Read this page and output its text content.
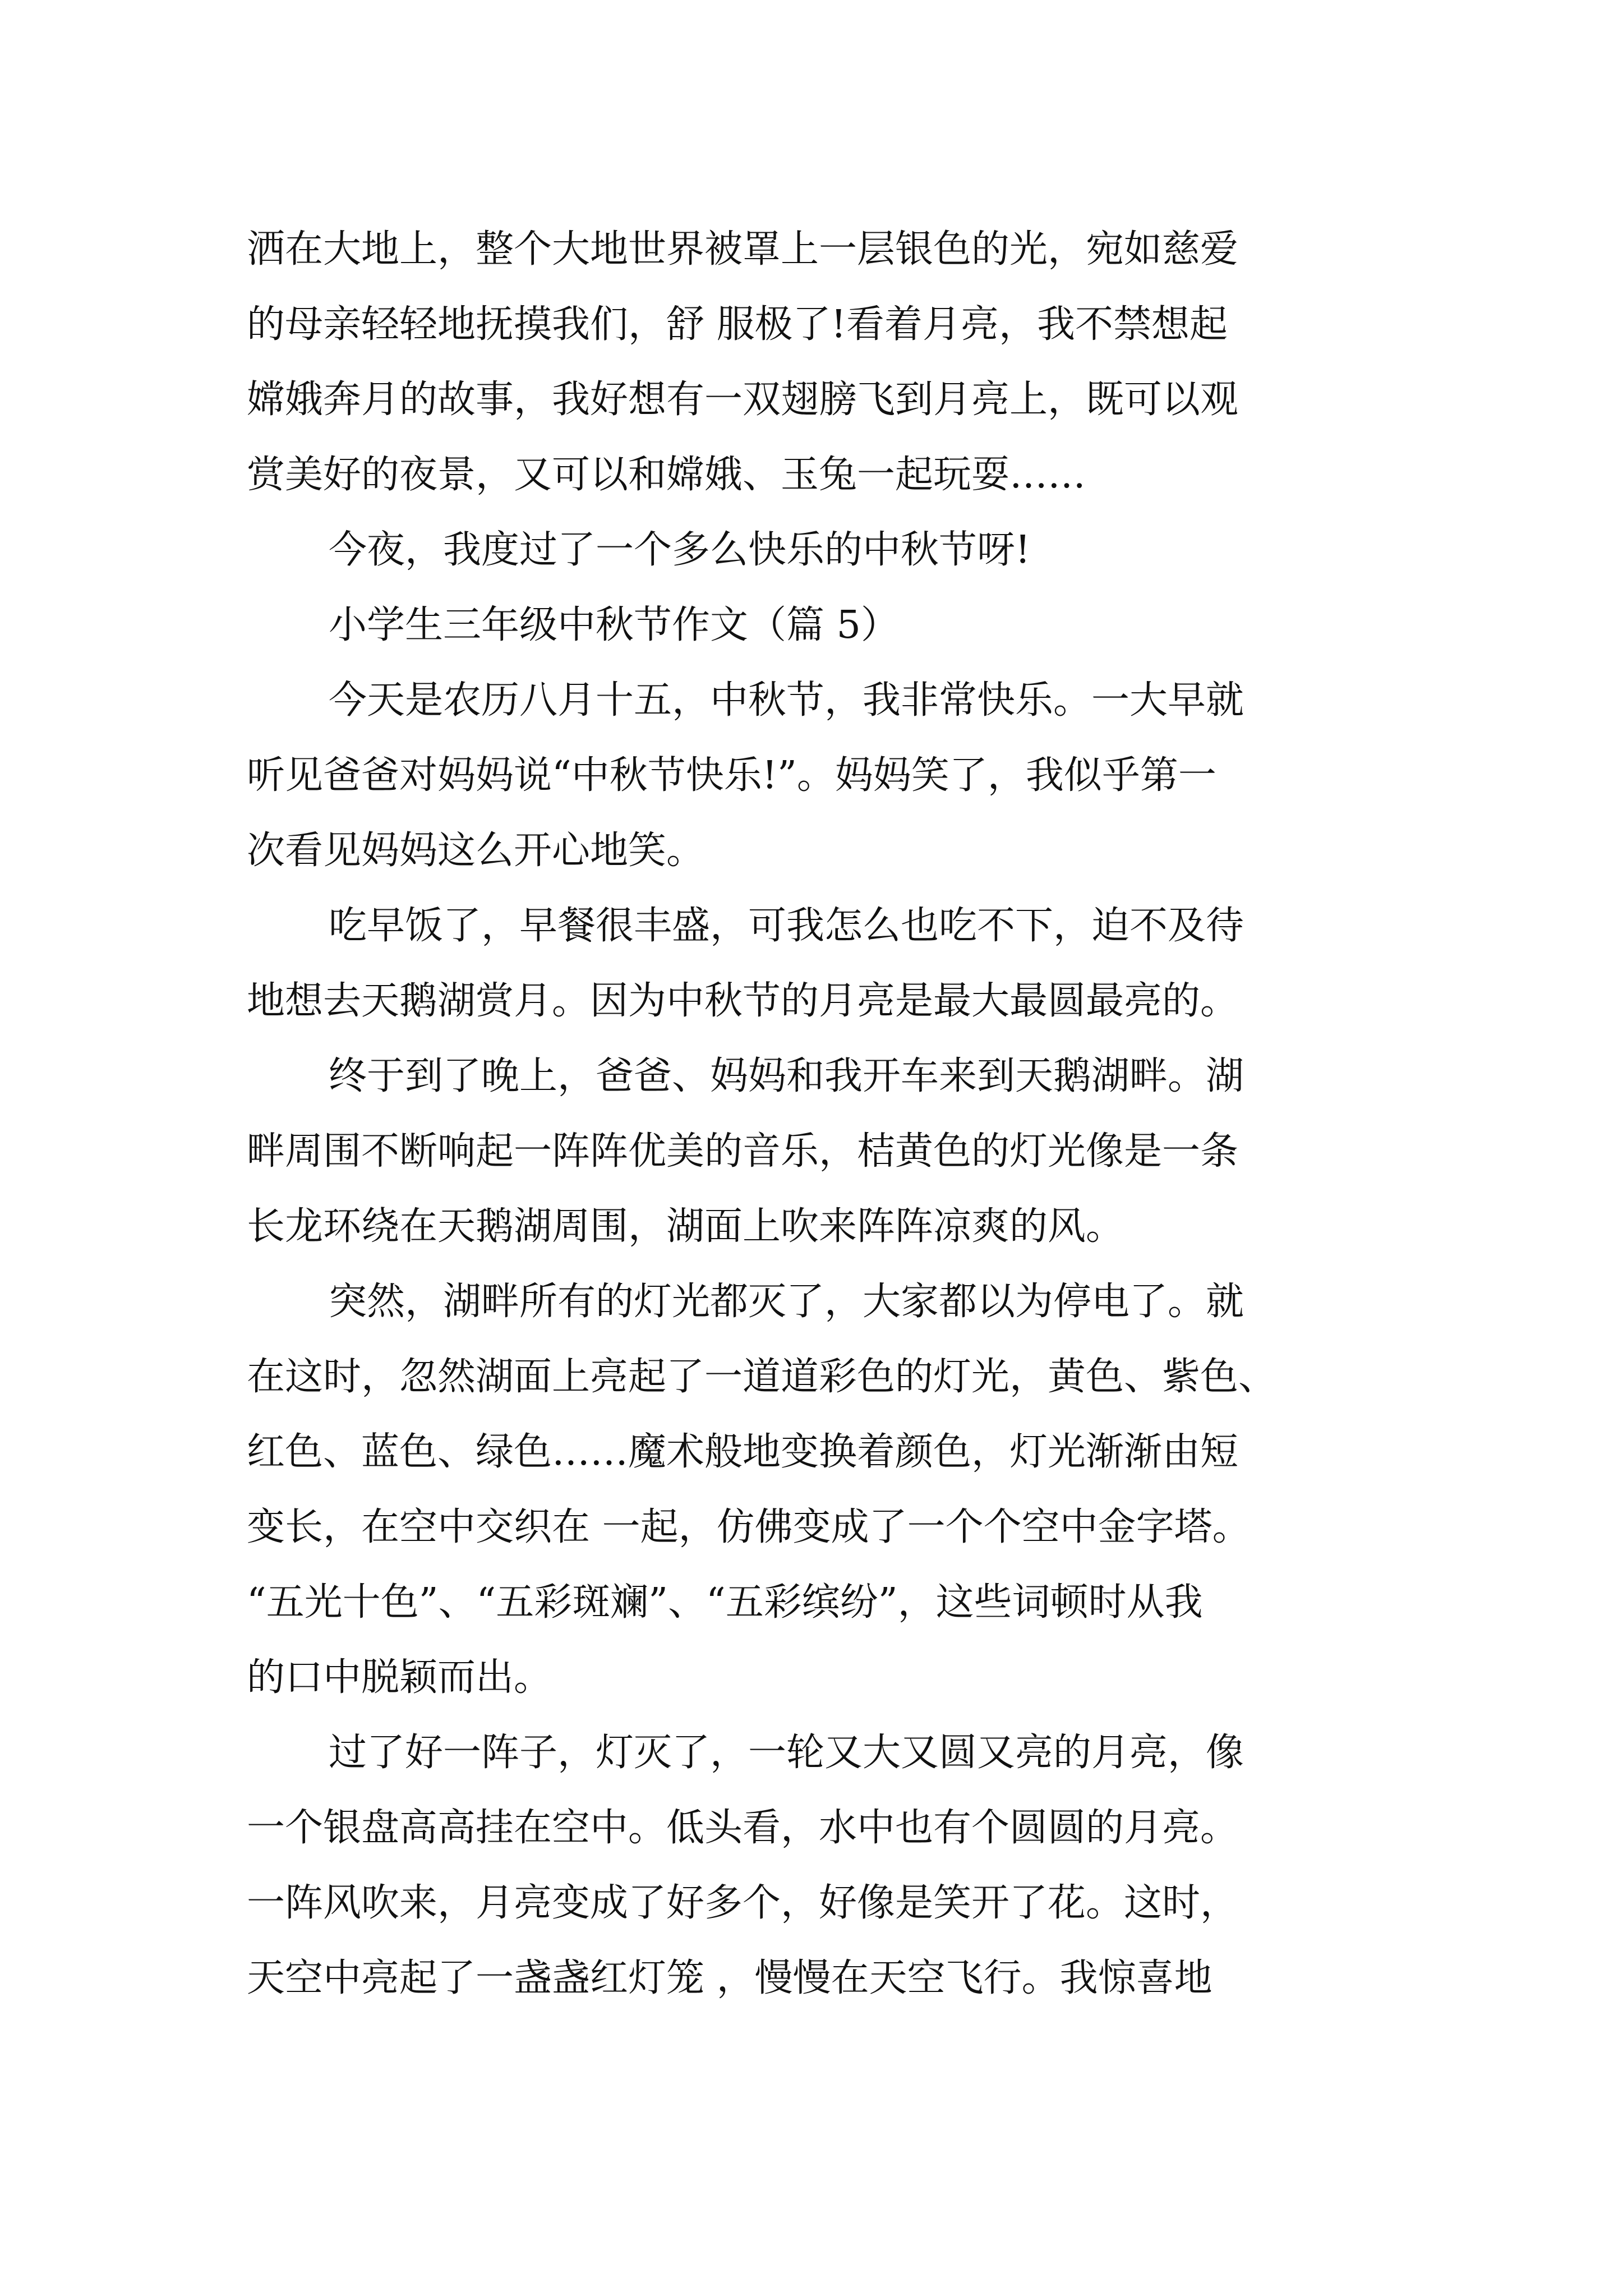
洒在大地上，整个大地世界被罩上一层银色的光，宛如慈爱

的母亲轻轻地抚摸我们，舒 服极了!看着月亮，我不禁想起

嫦娥奔月的故事，我好想有一双翅膀飞到月亮上，既可以观

赏美好的夜景，又可以和嫦娥、玉兔一起玩耍……

今夜，我度过了一个多么快乐的中秋节呀!

小学生三年级中秋节作文（篇 5）

今天是农历八月十五，中秋节，我非常快乐。一大早就

听见爸爸对妈妈说“中秋节快乐!”。妈妈笑了，我似乎第一

次看见妈妈这么开心地笑。

吃早饭了，早餐很丰盛，可我怎么也吃不下，迫不及待

地想去天鹅湖赏月。因为中秋节的月亮是最大最圆最亮的。

终于到了晚上，爸爸、妈妈和我开车来到天鹅湖畔。湖

畔周围不断响起一阵阵优美的音乐，桔黄色的灯光像是一条

长龙环绕在天鹅湖周围，湖面上吹来阵阵凉爽的风。

突然，湖畔所有的灯光都灭了，大家都以为停电了。就

在这时，忽然湖面上亮起了一道道彩色的灯光，黄色、紫色、

红色、蓝色、绿色……魔术般地变换着颜色，灯光渐渐由短

变长，在空中交织在 一起，仿佛变成了一个个空中金字塔。

“五光十色”、“五彩斑斓”、“五彩缤纷”，这些词顿时从我

的口中脱颖而出。

过了好一阵子，灯灭了，一轮又大又圆又亮的月亮，像

一个银盘高高挂在空中。低头看，水中也有个圆圆的月亮。

一阵风吹来，月亮变成了好多个，好像是笑开了花。这时，

天空中亮起了一盏盏红灯笼 ，慢慢在天空飞行。我惊喜地
